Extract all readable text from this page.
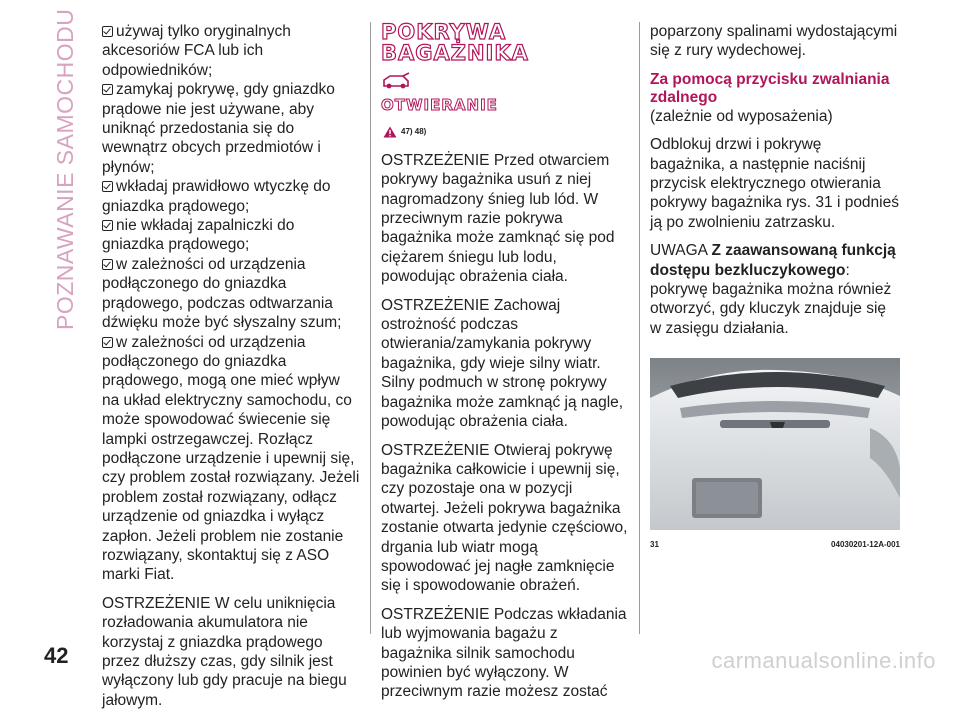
POZNAWANIE SAMOCHODU	używaj tylko oryginalnych akcesoriów FCA lub ich odpowiedników;
zamykaj pokrywę, gdy gniazdko prądowe nie jest używane, aby uniknąć przedostania się do wewnątrz obcych przedmiotów i płynów;
wkładaj prawidłowo wtyczkę do gniazdka prądowego;
nie wkładaj zapalniczki do gniazdka prądowego;
w zależności od urządzenia podłączonego do gniazdka prądowego, podczas odtwarzania dźwięku może być słyszalny szum;
w zależności od urządzenia podłączonego do gniazdka prądowego, mogą one mieć wpływ na układ elektryczny samochodu, co może spowodować świecenie się lampki ostrzegawczej. Rozłącz podłączone urządzenie i upewnij się, czy problem został rozwiązany. Jeżeli problem został rozwiązany, odłącz urządzenie od gniazdka i wyłącz zapłon. Jeżeli problem nie zostanie rozwiązany, skontaktuj się z ASO marki Fiat.

OSTRZEŻENIE W celu uniknięcia rozładowania akumulatora nie korzystaj z gniazdka prądowego przez dłuższy czas, gdy silnik jest wyłączony lub gdy pracuje na biegu jałowym.

POKRYWA
BAGAŻNIKA
OTWIERANIE
47) 48)

OSTRZEŻENIE Przed otwarciem pokrywy bagażnika usuń z niej nagromadzony śnieg lub lód. W przeciwnym razie pokrywa bagażnika może zamknąć się pod ciężarem śniegu lub lodu, powodując obrażenia ciała.

OSTRZEŻENIE Zachowaj ostrożność podczas otwierania/zamykania pokrywy bagażnika, gdy wieje silny wiatr. Silny podmuch w stronę pokrywy bagażnika może zamknąć ją nagle, powodując obrażenia ciała.

OSTRZEŻENIE Otwieraj pokrywę bagażnika całkowicie i upewnij się, czy pozostaje ona w pozycji otwartej. Jeżeli pokrywa bagażnika zostanie otwarta jedynie częściowo, drgania lub wiatr mogą spowodować jej nagłe zamknięcie się i spowodowanie obrażeń.

OSTRZEŻENIE Podczas wkładania lub wyjmowania bagażu z bagażnika silnik samochodu powinien być wyłączony. W przeciwnym razie możesz zostać

poparzony spalinami wydostającymi się z rury wydechowej.

Za pomocą przycisku zwalniania zdalnego

(zależnie od wyposażenia)

Odblokuj drzwi i pokrywę bagażnika, a następnie naciśnij przycisk elektrycznego otwierania pokrywy bagażnika rys. 31 i podnieś ją po zwolnieniu zatrzasku.

UWAGA Z zaawansowaną funkcją dostępu bezkluczykowego: pokrywę bagażnika można również otworzyć, gdy kluczyk znajduje się w zasięgu działania.

31	04030201-12A-001
42	carmanualsonline.info
